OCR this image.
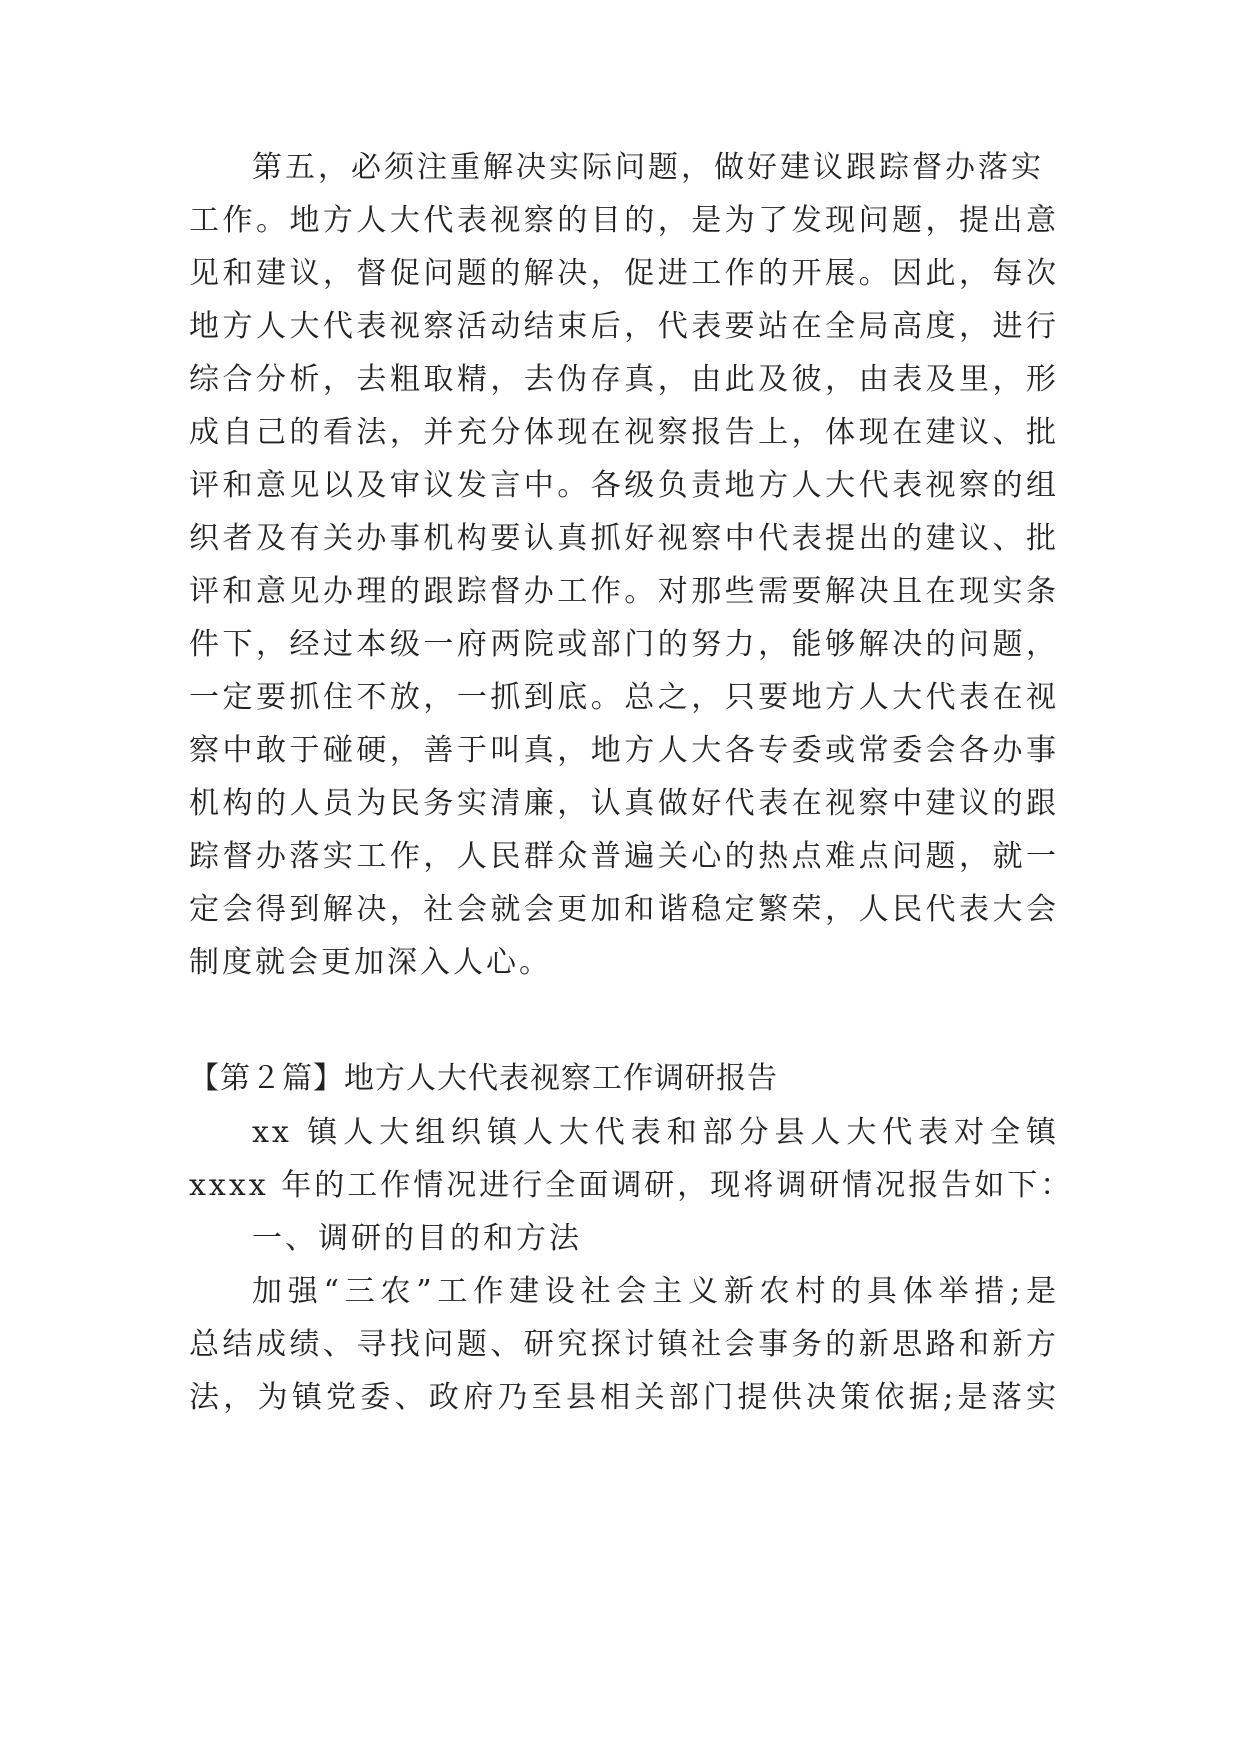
第五，必须注重解决实际问题，做好建议跟踪督办落实
工作。地方人大代表视察的目的，是为了发现问题，提出意
见和建议，督促问题的解决，促进工作的开展。因此，每次
地方人大代表视察活动结束后，代表要站在全局高度，进行
综合分析，去粗取精，去伪存真，由此及彼，由表及里，形
成自己的看法，并充分体现在视察报告上，体现在建议、批
评和意见以及审议发言中。各级负责地方人大代表视察的组
织者及有关办事机构要认真抓好视察中代表提出的建议、批
评和意见办理的跟踪督办工作。对那些需要解决且在现实条
件下，经过本级一府两院或部门的努力，能够解决的问题，
一定要抓住不放，一抓到底。总之，只要地方人大代表在视
察中敢于碰硬，善于叫真，地方人大各专委或常委会各办事
机构的人员为民务实清廉，认真做好代表在视察中建议的跟
踪督办落实工作，人民群众普遍关心的热点难点问题，就一
定会得到解决，社会就会更加和谐稳定繁荣，人民代表大会
制度就会更加深入人心。
【第２篇】地方人大代表视察工作调研报告
xx 镇人大组织镇人大代表和部分县人大代表对全镇
xxxx 年的工作情况进行全面调研，现将调研情况报告如下：
一、调研的目的和方法
加强“三农”工作建设社会主义新农村的具体举措;是
总结成绩、寻找问题、研究探讨镇社会事务的新思路和新方
法，为镇党委、政府乃至县相关部门提供决策依据;是落实
